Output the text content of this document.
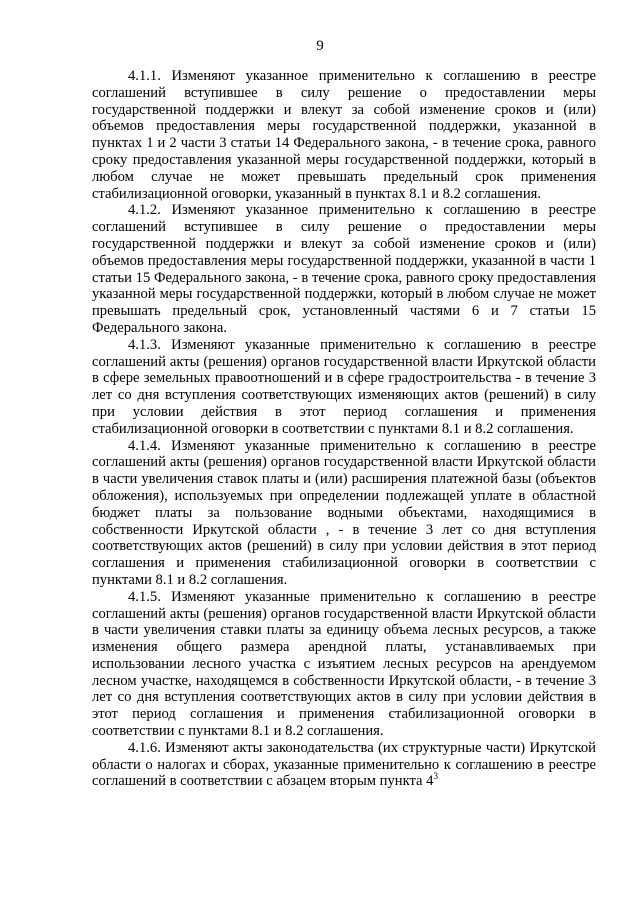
9

4.1.1. Изменяют указанное применительно к соглашению в реестре соглашений вступившее в силу решение о предоставлении меры государственной поддержки и влекут за собой изменение сроков и (или) объемов предоставления меры государственной поддержки, указанной в пунктах 1 и 2 части 3 статьи 14 Федерального закона, - в течение срока, равного сроку предоставления указанной меры государственной поддержки, который в любом случае не может превышать предельный срок применения стабилизационной оговорки, указанный в пунктах 8.1 и 8.2 соглашения.

4.1.2. Изменяют указанное применительно к соглашению в реестре соглашений вступившее в силу решение о предоставлении меры государственной поддержки и влекут за собой изменение сроков и (или) объемов предоставления меры государственной поддержки, указанной в части 1 статьи 15 Федерального закона, - в течение срока, равного сроку предоставления указанной меры государственной поддержки, который в любом случае не может превышать предельный срок, установленный частями 6 и 7 статьи 15 Федерального закона.

4.1.3. Изменяют указанные применительно к соглашению в реестре соглашений акты (решения) органов государственной власти Иркутской области в сфере земельных правоотношений и в сфере градостроительства - в течение 3 лет со дня вступления соответствующих изменяющих актов (решений) в силу при условии действия в этот период соглашения и применения стабилизационной оговорки в соответствии с пунктами 8.1 и 8.2 соглашения.

4.1.4. Изменяют указанные применительно к соглашению в реестре соглашений акты (решения) органов государственной власти Иркутской области в части увеличения ставок платы и (или) расширения платежной базы (объектов обложения), используемых при определении подлежащей уплате в областной бюджет платы за пользование водными объектами, находящимися в собственности Иркутской области , - в течение 3 лет со дня вступления соответствующих актов (решений) в силу при условии действия в этот период соглашения и применения стабилизационной оговорки в соответствии с пунктами 8.1 и 8.2 соглашения.

4.1.5. Изменяют указанные применительно к соглашению в реестре соглашений акты (решения) органов государственной власти Иркутской области в части увеличения ставки платы за единицу объема лесных ресурсов, а также изменения общего размера арендной платы, устанавливаемых при использовании лесного участка с изъятием лесных ресурсов на арендуемом лесном участке, находящемся в собственности Иркутской области, - в течение 3 лет со дня вступления соответствующих актов в силу при условии действия в этот период соглашения и применения стабилизационной оговорки в соответствии с пунктами 8.1 и 8.2 соглашения.

4.1.6. Изменяют акты законодательства (их структурные части) Иркутской области о налогах и сборах, указанные применительно к соглашению в реестре соглашений в соответствии с абзацем вторым пункта $4^3$
